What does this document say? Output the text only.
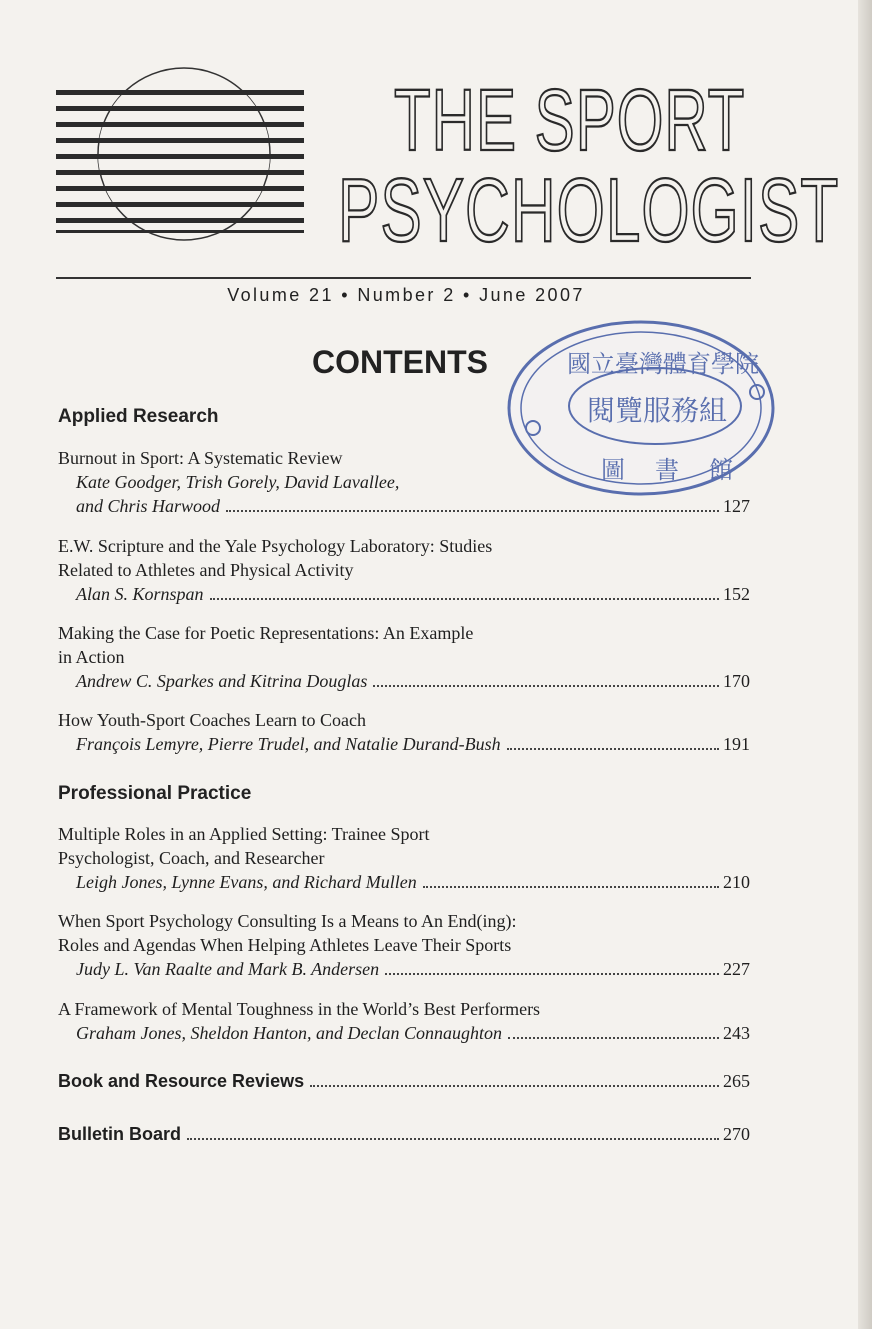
THE SPORT
PSYCHOLOGIST
Volume 21 • Number 2 • June 2007
CONTENTS
Applied Research

Burnout in Sport: A Systematic Review

Kate Goodger, Trish Gorely, David Lavallee,

and Chris Harwood	127

E.W. Scripture and the Yale Psychology Laboratory: Studies

Related to Athletes and Physical Activity

Alan S. Kornspan	152

Making the Case for Poetic Representations: An Example

in Action

Andrew C. Sparkes and Kitrina Douglas	170

How Youth-Sport Coaches Learn to Coach

François Lemyre, Pierre Trudel, and Natalie Durand-Bush	191

Professional Practice

Multiple Roles in an Applied Setting: Trainee Sport

Psychologist, Coach, and Researcher

Leigh Jones, Lynne Evans, and Richard Mullen	210

When Sport Psychology Consulting Is a Means to An End(ing):

Roles and Agendas When Helping Athletes Leave Their Sports

Judy L. Van Raalte and Mark B. Andersen	227

A Framework of Mental Toughness in the World’s Best Performers

Graham Jones, Sheldon Hanton, and Declan Connaughton	243

Book and Resource Reviews	265
Bulletin Board	270
國立臺灣體育學院
閱覽服務組
圖書館
